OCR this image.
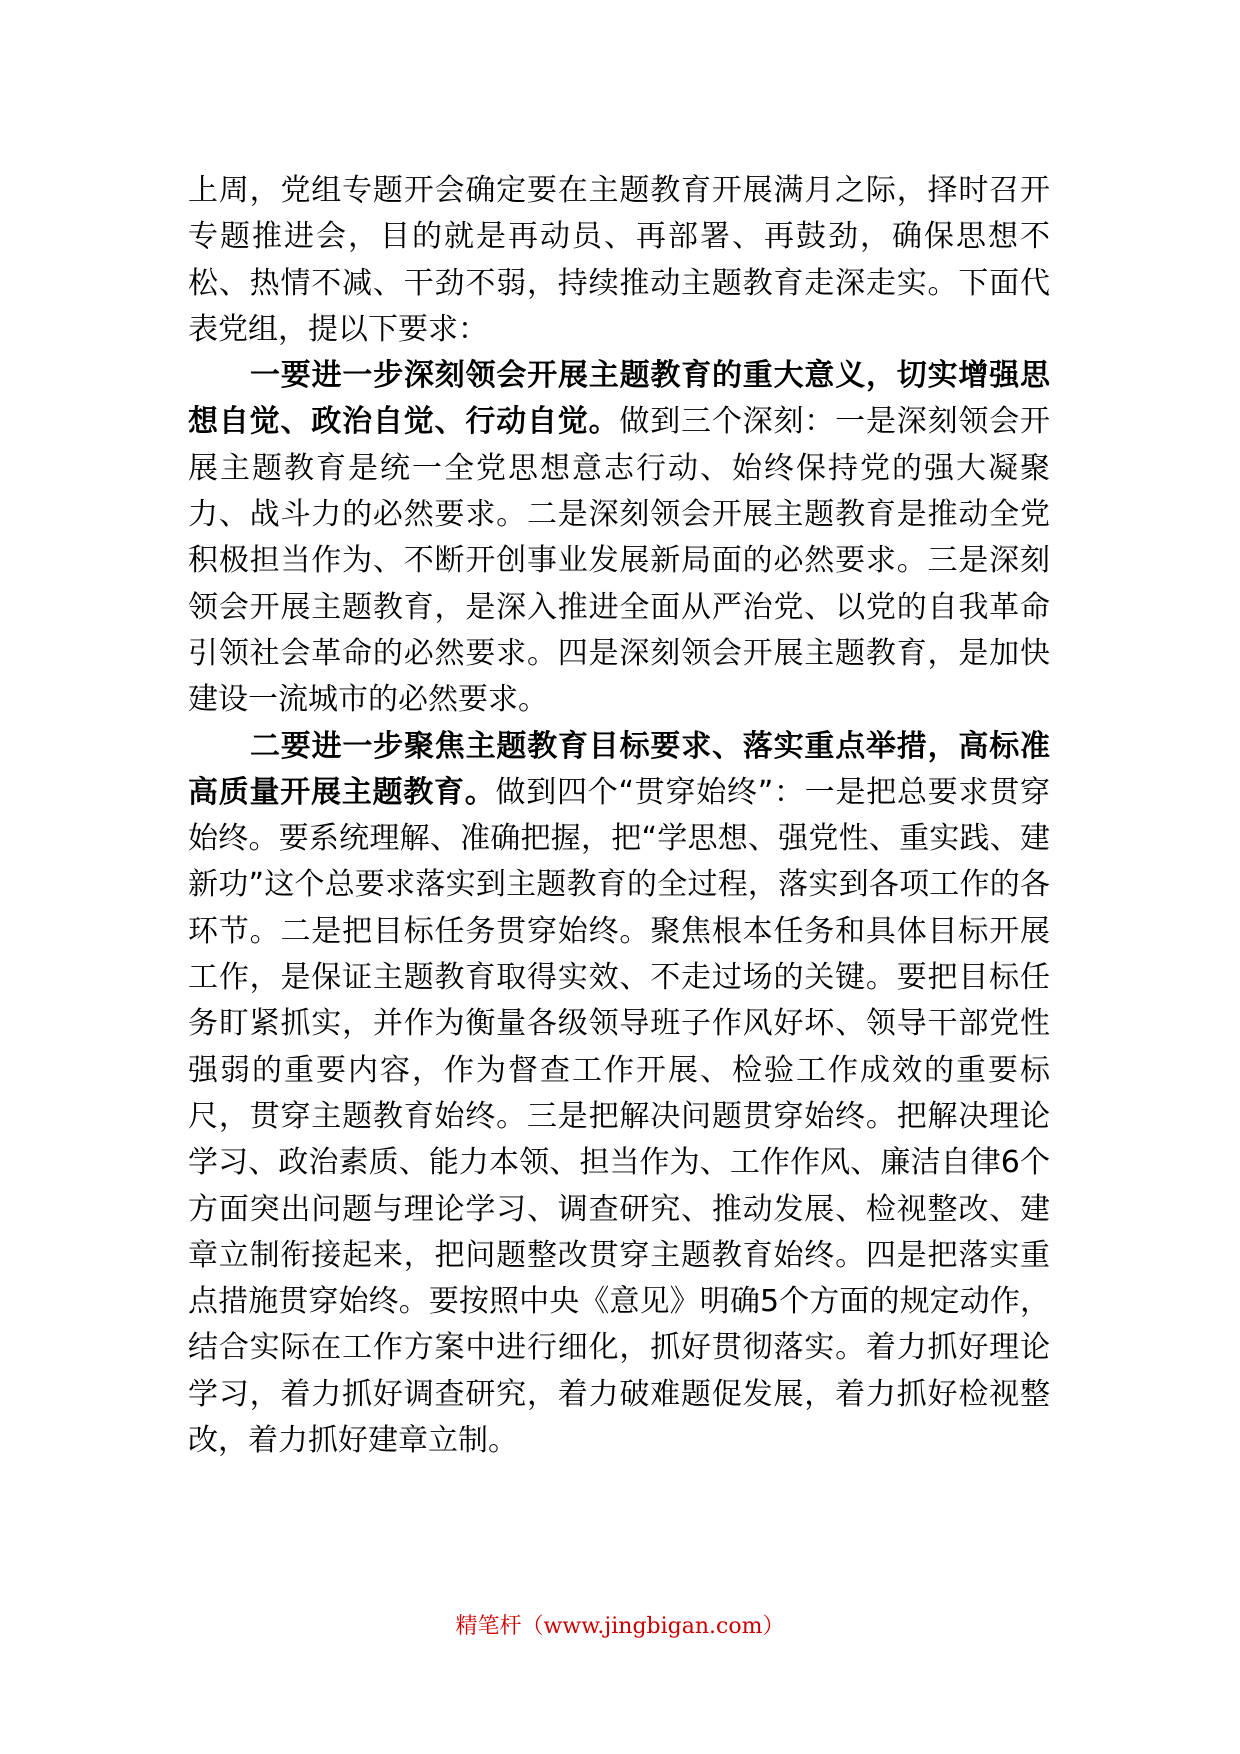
上周，党组专题开会确定要在主题教育开展满月之际，择时召开专题推进会，目的就是再动员、再部署、再鼓劲，确保思想不松、热情不减、干劲不弱，持续推动主题教育走深走实。下面代表党组，提以下要求：

一要进一步深刻领会开展主题教育的重大意义，切实增强思想自觉、政治自觉、行动自觉。做到三个深刻：一是深刻领会开展主题教育是统一全党思想意志行动、始终保持党的强大凝聚力、战斗力的必然要求。二是深刻领会开展主题教育是推动全党积极担当作为、不断开创事业发展新局面的必然要求。三是深刻领会开展主题教育，是深入推进全面从严治党、以党的自我革命引领社会革命的必然要求。四是深刻领会开展主题教育，是加快建设一流城市的必然要求。

二要进一步聚焦主题教育目标要求、落实重点举措，高标准高质量开展主题教育。做到四个“贯穿始终”：一是把总要求贯穿始终。要系统理解、准确把握，把“学思想、强党性、重实践、建新功”这个总要求落实到主题教育的全过程，落实到各项工作的各环节。二是把目标任务贯穿始终。聚焦根本任务和具体目标开展工作，是保证主题教育取得实效、不走过场的关键。要把目标任务盯紧抓实，并作为衡量各级领导班子作风好坏、领导干部党性强弱的重要内容，作为督查工作开展、检验工作成效的重要标尺，贯穿主题教育始终。三是把解决问题贯穿始终。把解决理论学习、政治素质、能力本领、担当作为、工作作风、廉洁自律6个方面突出问题与理论学习、调查研究、推动发展、检视整改、建章立制衔接起来，把问题整改贯穿主题教育始终。四是把落实重点措施贯穿始终。要按照中央《意见》明确5个方面的规定动作，结合实际在工作方案中进行细化，抓好贯彻落实。着力抓好理论学习，着力抓好调查研究，着力破难题促发展，着力抓好检视整改，着力抓好建章立制。

精笔杆（www.jingbigan.com）
